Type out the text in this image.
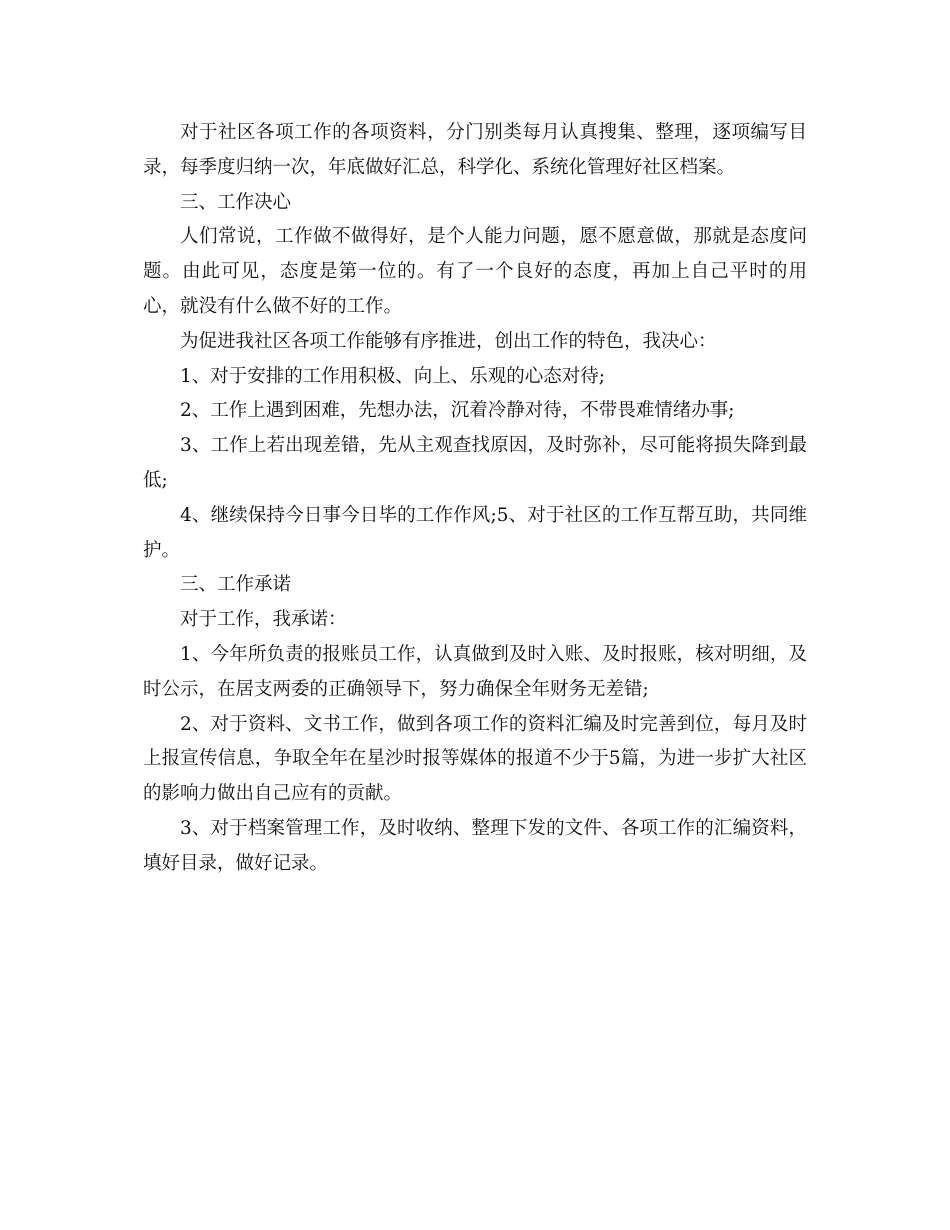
对于社区各项工作的各项资料，分门别类每月认真搜集、整理，逐项编写目录，每季度归纳一次，年底做好汇总，科学化、系统化管理好社区档案。

三、工作决心

人们常说，工作做不做得好，是个人能力问题，愿不愿意做，那就是态度问题。由此可见，态度是第一位的。有了一个良好的态度，再加上自己平时的用心，就没有什么做不好的工作。

为促进我社区各项工作能够有序推进，创出工作的特色，我决心：

1、对于安排的工作用积极、向上、乐观的心态对待;

2、工作上遇到困难，先想办法，沉着冷静对待，不带畏难情绪办事;

3、工作上若出现差错，先从主观查找原因，及时弥补，尽可能将损失降到最低;

4、继续保持今日事今日毕的工作作风;5、对于社区的工作互帮互助，共同维护。

三、工作承诺

对于工作，我承诺：

1、今年所负责的报账员工作，认真做到及时入账、及时报账，核对明细，及时公示，在居支两委的正确领导下，努力确保全年财务无差错;

2、对于资料、文书工作，做到各项工作的资料汇编及时完善到位，每月及时上报宣传信息，争取全年在星沙时报等媒体的报道不少于5篇，为进一步扩大社区的影响力做出自己应有的贡献。

3、对于档案管理工作，及时收纳、整理下发的文件、各项工作的汇编资料，填好目录，做好记录。
